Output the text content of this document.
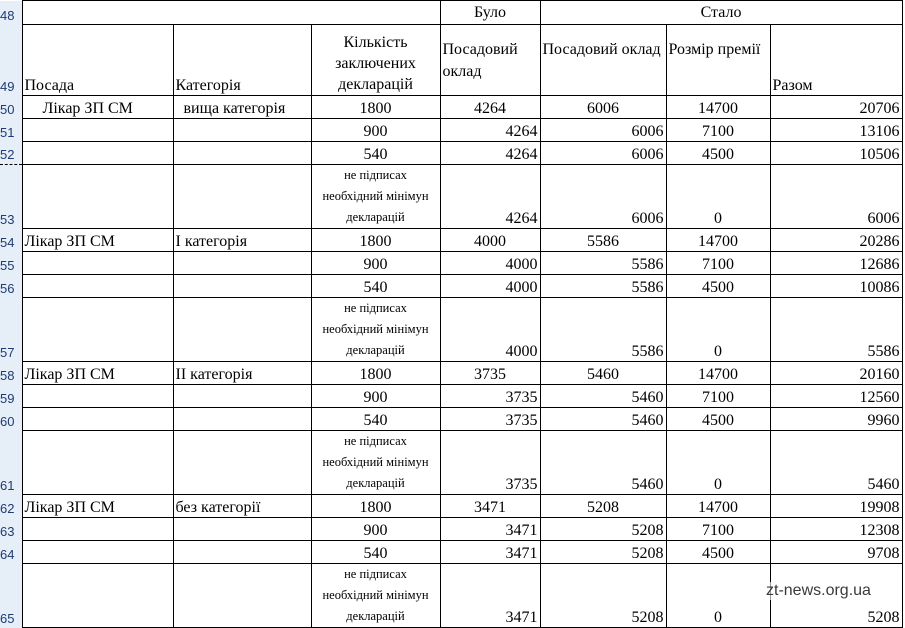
48				Було	Стало		
49	Посада	Категорія	Кількість заключених декларацій	Посадовий оклад	Посадовий оклад	Розмір премії	Разом
50	Лікар ЗП СМ	вища категорія	1800	4264	6006	14700	20706
51			900	4264	6006	7100	13106
52			540	4264	6006	4500	10506
53			не підписах необхідний мінімун декларацій	4264	6006	0	6006
54	Лікар ЗП СМ	І категорія	1800	4000	5586	14700	20286
55			900	4000	5586	7100	12686
56			540	4000	5586	4500	10086
57			не підписах необхідний мінімун декларацій	4000	5586	0	5586
58	Лікар ЗП СМ	ІІ категорія	1800	3735	5460	14700	20160
59			900	3735	5460	7100	12560
60			540	3735	5460	4500	9960
61			не підписах необхідний мінімун декларацій	3735	5460	0	5460
62	Лікар ЗП СМ	без категорії	1800	3471	5208	14700	19908
63			900	3471	5208	7100	12308
64			540	3471	5208	4500	9708
65			не підписах необхідний мінімун декларацій	3471	5208	0	5208
zt-news.org.ua
